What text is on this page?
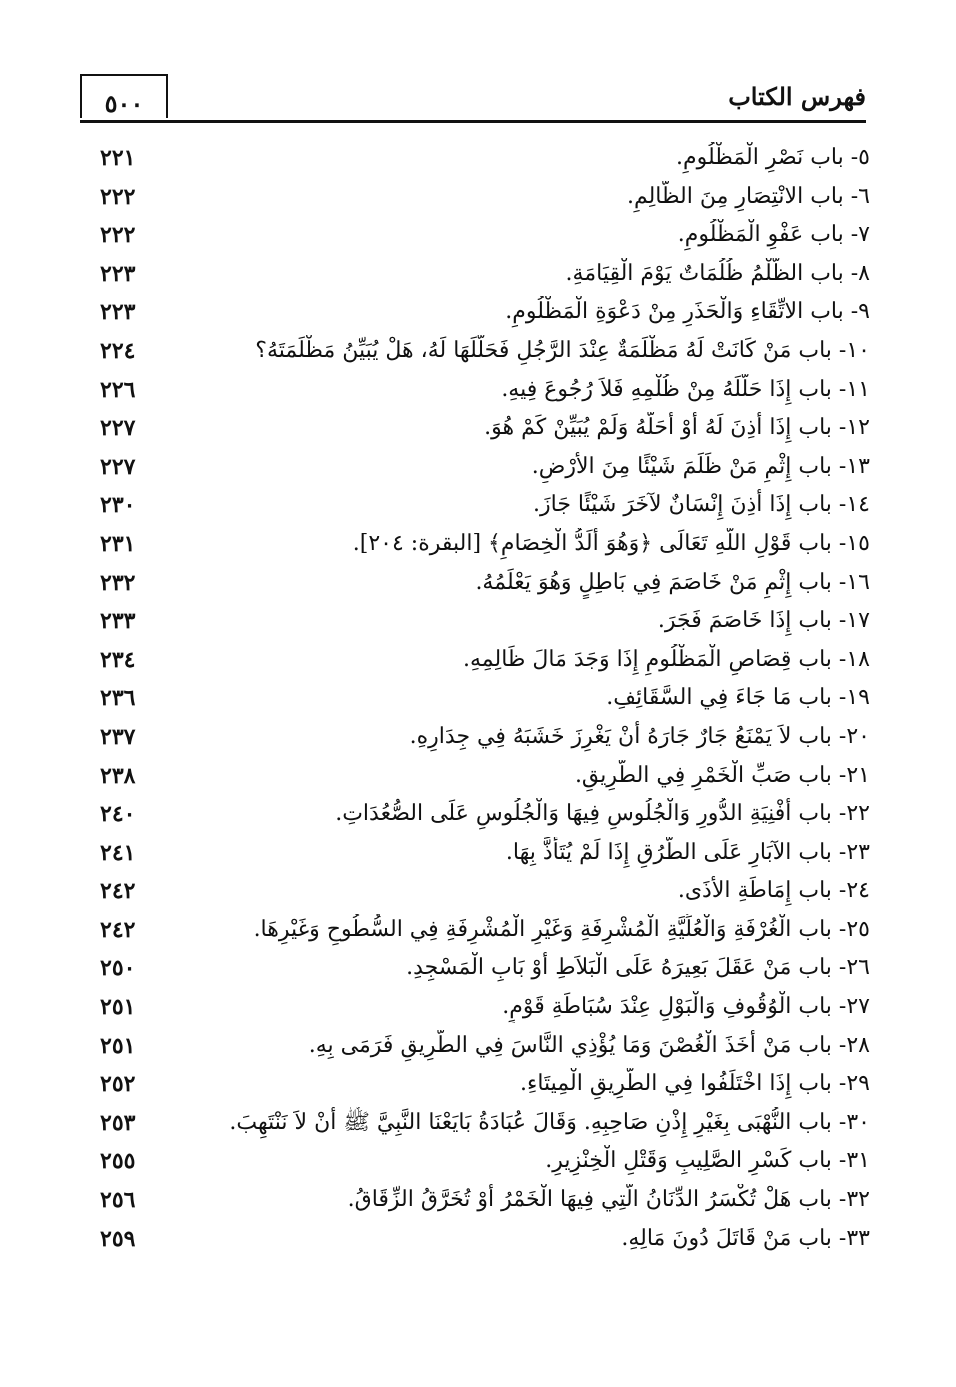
فهرس الكتاب
٥٠٠
٥- باب نَصْرِ الْمَظْلُومِ.
٢٢١
٦- باب الانْتِصَارِ مِنَ الظَّالِمِ.
٢٢٢
٧- باب عَفْوِ الْمَظْلُومِ.
٢٢٢
٨- باب الظُّلْمُ ظُلُمَاتٌ يَوْمَ الْقِيَامَةِ.
٢٢٣
٩- باب الاتِّقَاءِ وَالْحَذَرِ مِنْ دَعْوَةِ الْمَظْلُومِ.
٢٢٣
١٠- باب مَنْ كَانَتْ لَهُ مَظْلَمَةٌ عِنْدَ الرَّجُلِ فَحَلَّلَهَا لَهُ، هَلْ يُبَيِّنُ مَظْلَمَتَهُ؟
٢٢٤
١١- باب إِذَا حَلَّلَهُ مِنْ ظُلْمِهِ فَلاَ رُجُوعَ فِيهِ.
٢٢٦
١٢- باب إِذَا أَذِنَ لَهُ أَوْ أَحَلَّهُ وَلَمْ يُبَيِّنْ كَمْ هُوَ.
٢٢٧
١٣- باب إِثْمِ مَنْ ظَلَمَ شَيْئًا مِنَ الأَرْضِ.
٢٢٧
١٤- باب إِذَا أَذِنَ إِنْسَانٌ لآخَرَ شَيْئًا جَازَ.
٢٣٠
١٥- باب قَوْلِ اللَّهِ تَعَالَى ﴿وَهُوَ أَلَدُّ الْخِصَامِ﴾ [البقرة: ٢٠٤].
٢٣١
١٦- باب إِثْمِ مَنْ خَاصَمَ فِي بَاطِلٍ وَهُوَ يَعْلَمُهُ.
٢٣٢
١٧- باب إِذَا خَاصَمَ فَجَرَ.
٢٣٣
١٨- باب قِصَاصِ الْمَظْلُومِ إِذَا وَجَدَ مَالَ ظَالِمِهِ.
٢٣٤
١٩- باب مَا جَاءَ فِي السَّقَائِفِ.
٢٣٦
٢٠- باب لاَ يَمْنَعُ جَارٌ جَارَهُ أَنْ يَغْرِزَ خَشَبَهُ فِي جِدَارِهِ.
٢٣٧
٢١- باب صَبِّ الْخَمْرِ فِي الطَّرِيقِ.
٢٣٨
٢٢- باب أَفْنِيَةِ الدُّورِ وَالْجُلُوسِ فِيهَا وَالْجُلُوسِ عَلَى الصُّعُدَاتِ.
٢٤٠
٢٣- باب الآبَارِ عَلَى الطُّرُقِ إِذَا لَمْ يُتَأَذَّ بِهَا.
٢٤١
٢٤- باب إِمَاطَةِ الأَذَى.
٢٤٢
٢٥- باب الْغُرْفَةِ وَالْعُلِّيَّةِ الْمُشْرِفَةِ وَغَيْرِ الْمُشْرِفَةِ فِي السُّطُوحِ وَغَيْرِهَا.
٢٤٢
٢٦- باب مَنْ عَقَلَ بَعِيرَهُ عَلَى الْبَلاَطِ أَوْ بَابِ الْمَسْجِدِ.
٢٥٠
٢٧- باب الْوُقُوفِ وَالْبَوْلِ عِنْدَ سُبَاطَةِ قَوْمٍ.
٢٥١
٢٨- باب مَنْ أَخَذَ الْغُصْنَ وَمَا يُؤْذِي النَّاسَ فِي الطَّرِيقِ فَرَمَى بِهِ.
٢٥١
٢٩- باب إِذَا اخْتَلَفُوا فِي الطَّرِيقِ الْمِيتَاءِ.
٢٥٢
٣٠- باب النُّهْبَى بِغَيْرِ إِذْنِ صَاحِبِهِ. وَقَالَ عُبَادَةُ بَايَعْنَا النَّبِيَّ ﷺ أَنْ لاَ نَنْتَهِبَ.
٢٥٣
٣١- باب كَسْرِ الصَّلِيبِ وَقَتْلِ الْخِنْزِيرِ.
٢٥٥
٣٢- باب هَلْ تُكْسَرُ الدِّنَانُ الَّتِي فِيهَا الْخَمْرُ أَوْ تُخَرَّقُ الزِّقَاقُ.
٢٥٦
٣٣- باب مَنْ قَاتَلَ دُونَ مَالِهِ.
٢٥٩
